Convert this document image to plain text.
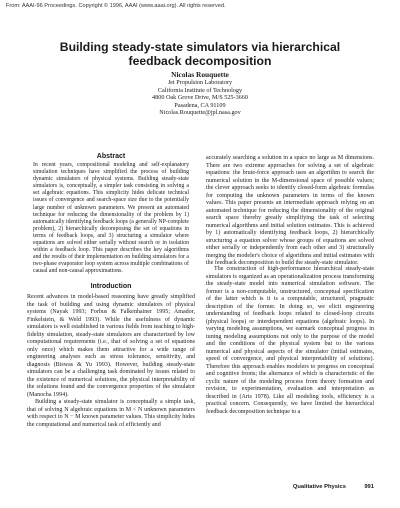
From: AAAI-96 Proceedings. Copyright © 1996, AAAI (www.aaai.org). All rights reserved.
Building steady-state simulators via hierarchical feedback decomposition
Nicolas Rouquette
Jet Propulsion Laboratory
California Institute of Technology
4800 Oak Grove Drive, M/S 525-3660
Pasadena, CA 91109
Nicolas.Rouquette@jpl.nasa.gov
Abstract
In recent years, compositional modeling and self-explanatory simulation techniques have simplified the process of building dynamic simulators of physical systems. Building steady-state simulators is, conceptually, a simpler task consisting in solving a set algebraic equations. This simplicity hides delicate technical issues of convergence and search-space size due to the potentially large number of unknown parameters. We present an automated technique for reducing the dimensionality of the problem by 1) automatically identifying feedback loops (a generally NP-complete problem), 2) hierarchically decomposing the set of equations in terms of feedback loops, and 3) structuring a simulator where equations are solved either serially without search or in isolation within a feedback loop. This paper describes the key algorithms and the results of their implementation on building simulators for a two-phase evaporator loop system across multiple combinations of causal and non-causal approximations.
Introduction

Recent advances in model-based reasoning have greatly simplified the task of building and using dynamic simulators of physical systems (Nayak 1993; Forbus & Falkenhainer 1995; Amador, Finkelstein, & Weld 1993). While the usefulness of dynamic simulators is well established in various fields from teaching to high-fidelity simulation, steady-state simulators are characterized by low computational requirements (i.e., that of solving a set of equations only once) which makes them attractive for a wide range of engineering analyses such as stress tolerance, sensitivity, and diagnosis (Biswas & Yu 1993). However, building steady-state simulators can be a challenging task dominated by issues related to the existence of numerical solutions, the physical interpretability of the solutions found and the convergence properties of the simulator (Manocha 1994).

Building a steady-state simulator is conceptually a simple task, that of solving N algebraic equations in M < N unknown parameters with respect to N − M known parameter values. This simplicity hides the computational and numerical task of efficiently and

accurately searching a solution in a space no large as M dimensions. There are two extreme approaches for solving a set of algebraic equations: the brute-force approach uses an algorithm to search the numerical solution in the M-dimensional space of possible values; the clever approach seeks to identify closed-form algebraic formulas for computing the unknown parameters in terms of the known values. This paper presents an intermediate approach relying on an automated technique for reducing the dimensionality of the original search space thereby greatly simplifying the task of selecting numerical algorithms and initial solution estimates. This is achieved by 1) automatically identifying feedback loops, 2) hierarchically structuring a equation solver whose groups of equations are solved either serially or independently from each other and 3) structurally merging the modeler's choice of algorithms and initial estimates with the feedback decomposition to build the steady-state simulator.
The construction of high-performance hierarchical steady-state simulators is organized as an operationalization process transforming the steady-state model into numerical simulation software. The former is a non-computable, unstructured, conceptual specification of the latter which is it is a computable, structured, pragmatic description of the former. In doing so, we elicit engineering understanding of feedback loops related to closed-loop circuits (physical loops) or interdependent equations (algebraic loops). In varying modeling assumptions, we earmark conceptual progress in tuning modeling assumptions not only to the purpose of the model and the conditions of the physical system but to the various numerical and physical aspects of the simulator (initial estimates, speed of convergence, and physical interpretability of solutions). Therefore this approach enables modelers to progress on conceptual and cognitive fronts; the alternance of which is characteristic of the cyclic nature of the modeling process from theory formation and revision, to experimentation, evaluation and interpretation as described in (Aris 1978). Like all modeling tools, efficiency is a practical concern. Consequently, we have limited the hierarchical feedback decomposition technique to a
Qualitative Physics	991
